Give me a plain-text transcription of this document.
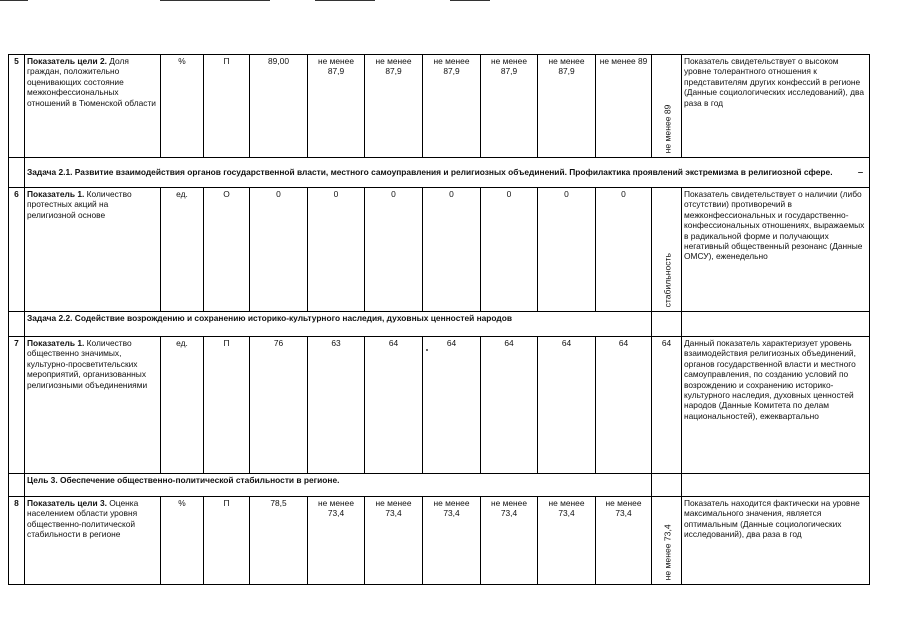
5	Показатель цели 2. Доля граждан, положительно оценивающих состояние межконфессиональных отношений в Тюменской области	%	П	89,00	не менее 87,9	не менее 87,9	не менее 87,9	не менее 87,9	не менее 87,9	не менее 89	не менее 89	Показатель свидетельствует о высоком уровне толерантного отношения к представителям других конфессий в регионе (Данные социологических исследований), два раза в год
	Задача 2.1. Развитие взаимодействия органов государственной власти, местного самоуправления и религиозных объединений. Профилактика проявлений экстремизма в религиозной сфере.											
6	Показатель 1. Количество протестных акций на религиозной основе	ед.	О	0	0	0	0	0	0	0	стабильность	Показатель свидетельствует о наличии (либо отсутствии) противоречий в межконфессиональных и государственно-конфессиональных отношениях, выражаемых в радикальной форме и получающих негативный общественный резонанс (Данные ОМСУ), еженедельно
	Задача 2.2. Содействие возрождению и сохранению историко-культурного наследия, духовных ценностей народов											
7	Показатель 1. Количество общественно значимых, культурно-просветительских мероприятий, организованных религиозными объединениями	ед.	П	76	63	64	64	64	64	64	64	Данный показатель характеризует уровень взаимодействия религиозных объединений, органов государственной власти и местного самоуправления, по созданию условий по возрождению и сохранению историко-культурного наследия, духовных ценностей народов (Данные Комитета по делам национальностей), ежеквартально
	Цель 3. Обеспечение общественно-политической стабильности в регионе.											
8	Показатель цели 3. Оценка населением области уровня общественно-политической стабильности в регионе	%	П	78,5	не менее 73,4	не менее 73,4	не менее 73,4	не менее 73,4	не менее 73,4	не менее 73,4	не менее 73,4	Показатель находится фактически на уровне максимального значения, является оптимальным (Данные социологических исследований), два раза в год
